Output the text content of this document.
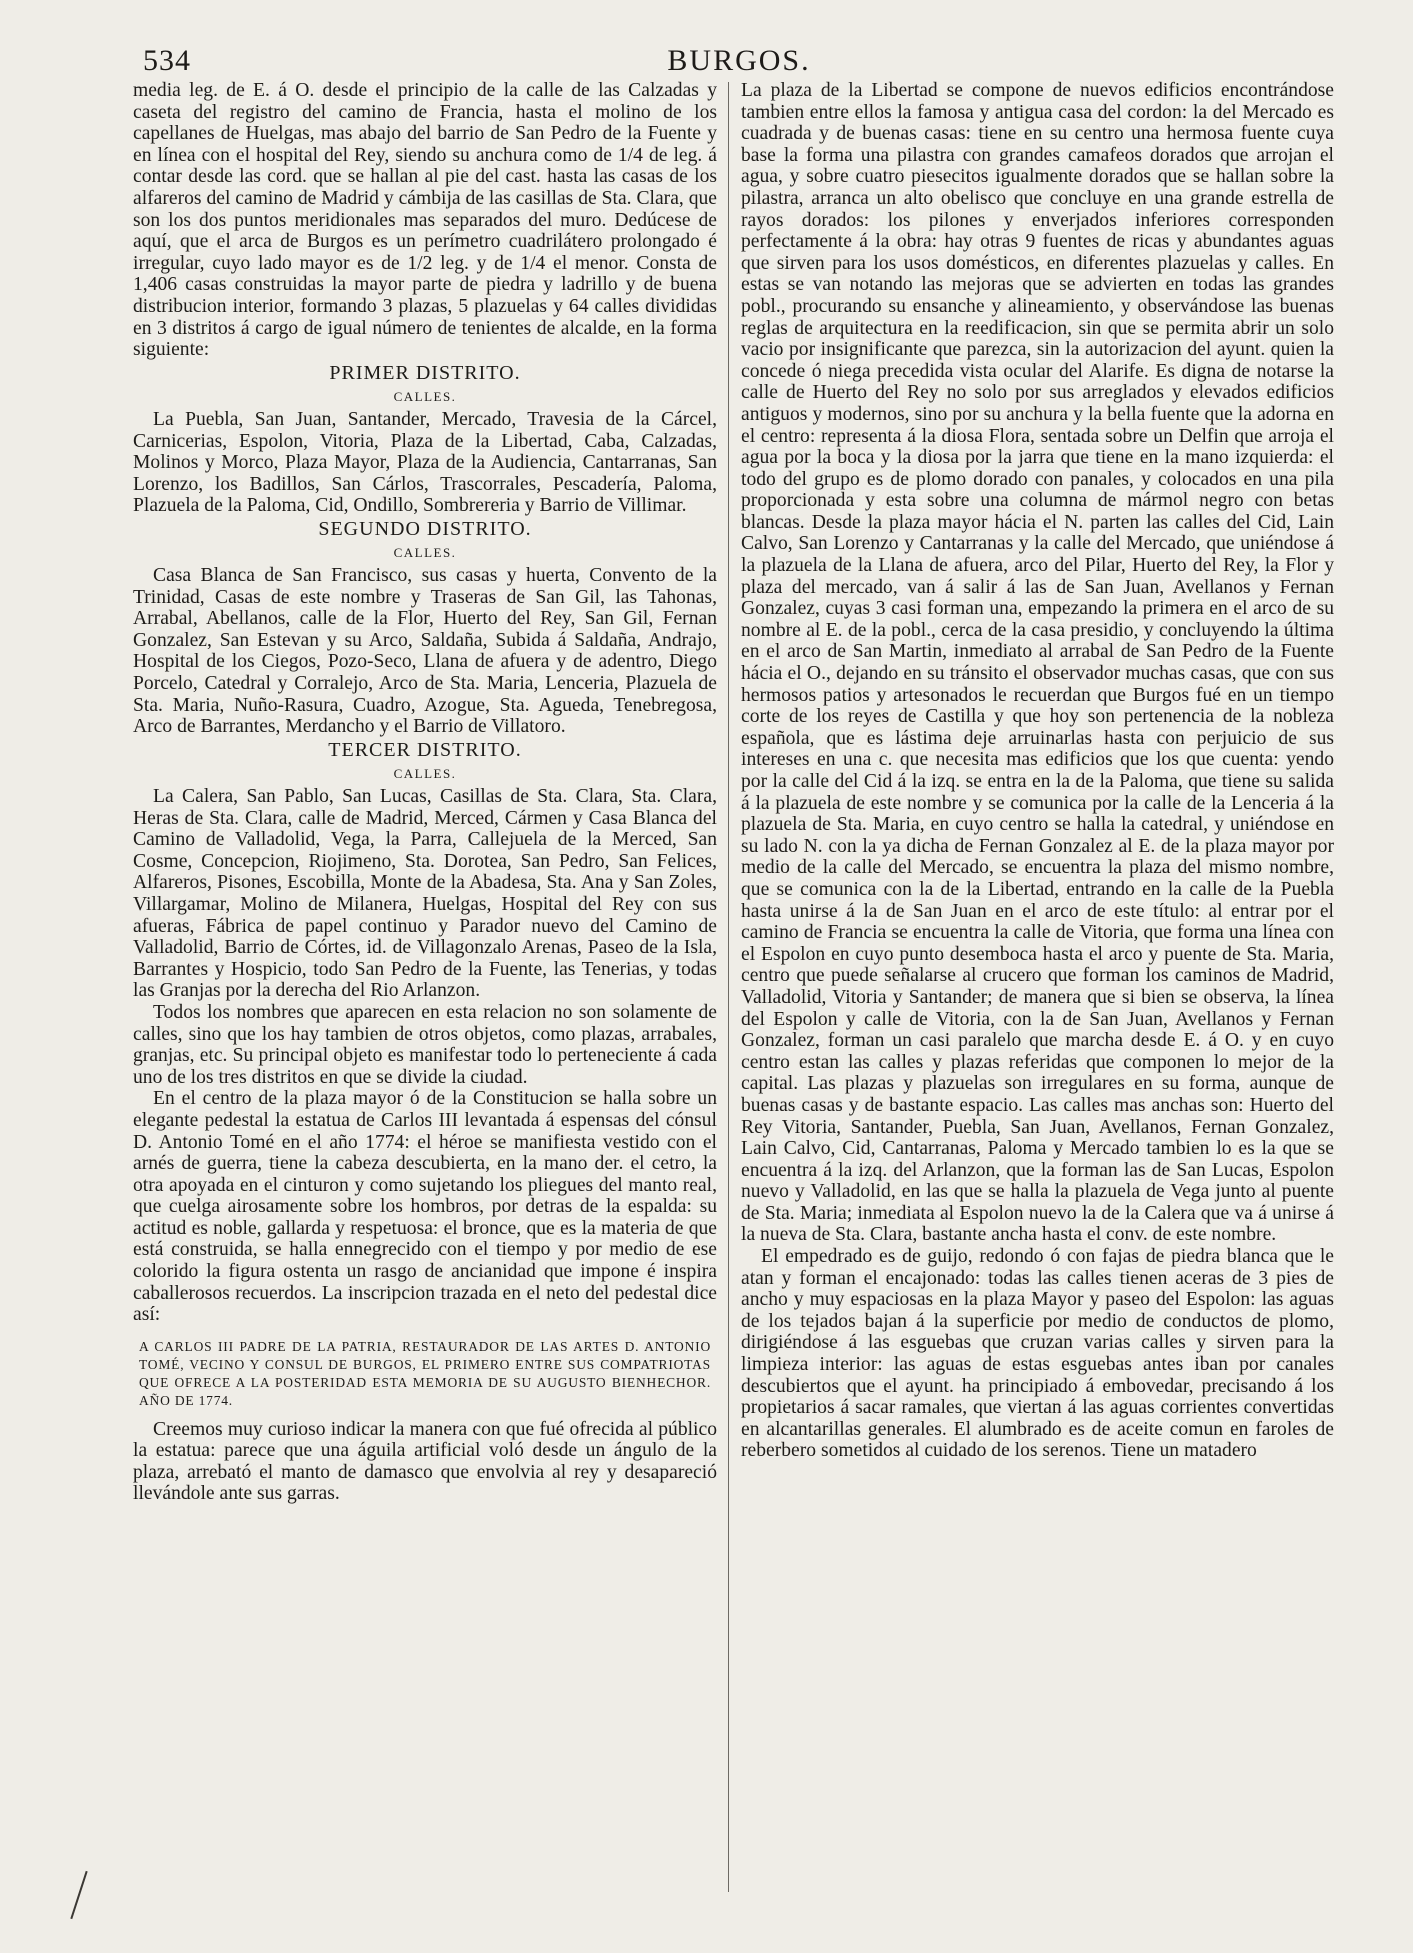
534	BURGOS.

media leg. de E. á O. desde el principio de la calle de las Calzadas y caseta del registro del camino de Francia, hasta el molino de los capellanes de Huelgas, mas abajo del barrio de San Pedro de la Fuente y en línea con el hospital del Rey, siendo su anchura como de 1/4 de leg. á contar desde las cord. que se hallan al pie del cast. hasta las casas de los alfareros del camino de Madrid y cámbija de las casillas de Sta. Clara, que son los dos puntos meridionales mas separados del muro. Dedúcese de aquí, que el arca de Burgos es un perímetro cuadrilátero prolongado é irregular, cuyo lado mayor es de 1/2 leg. y de 1/4 el menor. Consta de 1,406 casas construidas la mayor parte de piedra y ladrillo y de buena distribucion interior, formando 3 plazas, 5 plazuelas y 64 calles divididas en 3 distritos á cargo de igual número de tenientes de alcalde, en la forma siguiente:

PRIMER DISTRITO.
CALLES.

La Puebla, San Juan, Santander, Mercado, Travesia de la Cárcel, Carnicerias, Espolon, Vitoria, Plaza de la Libertad, Caba, Calzadas, Molinos y Morco, Plaza Mayor, Plaza de la Audiencia, Cantarranas, San Lorenzo, los Badillos, San Cárlos, Trascorrales, Pescadería, Paloma, Plazuela de la Paloma, Cid, Ondillo, Sombrereria y Barrio de Villimar.

SEGUNDO DISTRITO.
CALLES.

Casa Blanca de San Francisco, sus casas y huerta, Convento de la Trinidad, Casas de este nombre y Traseras de San Gil, las Tahonas, Arrabal, Abellanos, calle de la Flor, Huerto del Rey, San Gil, Fernan Gonzalez, San Estevan y su Arco, Saldaña, Subida á Saldaña, Andrajo, Hospital de los Ciegos, Pozo-Seco, Llana de afuera y de adentro, Diego Porcelo, Catedral y Corralejo, Arco de Sta. Maria, Lenceria, Plazuela de Sta. Maria, Nuño-Rasura, Cuadro, Azogue, Sta. Agueda, Tenebregosa, Arco de Barrantes, Merdancho y el Barrio de Villatoro.

TERCER DISTRITO.
CALLES.

La Calera, San Pablo, San Lucas, Casillas de Sta. Clara, Sta. Clara, Heras de Sta. Clara, calle de Madrid, Merced, Cármen y Casa Blanca del Camino de Valladolid, Vega, la Parra, Callejuela de la Merced, San Cosme, Concepcion, Riojimeno, Sta. Dorotea, San Pedro, San Felices, Alfareros, Pisones, Escobilla, Monte de la Abadesa, Sta. Ana y San Zoles, Villargamar, Molino de Milanera, Huelgas, Hospital del Rey con sus afueras, Fábrica de papel continuo y Parador nuevo del Camino de Valladolid, Barrio de Córtes, id. de Villagonzalo Arenas, Paseo de la Isla, Barrantes y Hospicio, todo San Pedro de la Fuente, las Tenerias, y todas las Granjas por la derecha del Rio Arlanzon.

Todos los nombres que aparecen en esta relacion no son solamente de calles, sino que los hay tambien de otros objetos, como plazas, arrabales, granjas, etc. Su principal objeto es manifestar todo lo perteneciente á cada uno de los tres distritos en que se divide la ciudad.

En el centro de la plaza mayor ó de la Constitucion se halla sobre un elegante pedestal la estatua de Carlos III levantada á espensas del cónsul D. Antonio Tomé en el año 1774: el héroe se manifiesta vestido con el arnés de guerra, tiene la cabeza descubierta, en la mano der. el cetro, la otra apoyada en el cinturon y como sujetando los pliegues del manto real, que cuelga airosamente sobre los hombros, por detras de la espalda: su actitud es noble, gallarda y respetuosa: el bronce, que es la materia de que está construida, se halla ennegrecido con el tiempo y por medio de ese colorido la figura ostenta un rasgo de ancianidad que impone é inspira caballerosos recuerdos. La inscripcion trazada en el neto del pedestal dice así:

A CARLOS III PADRE DE LA PATRIA, RESTAURADOR DE LAS ARTES D. ANTONIO TOMÉ, VECINO Y CONSUL DE BURGOS, EL PRIMERO ENTRE SUS COMPATRIOTAS QUE OFRECE A LA POSTERIDAD ESTA MEMORIA DE SU AUGUSTO BIENHECHOR. AÑO DE 1774.

Creemos muy curioso indicar la manera con que fué ofrecida al público la estatua: parece que una águila artificial voló desde un ángulo de la plaza, arrebató el manto de damasco que envolvia al rey y desapareció llevándole ante sus garras.

La plaza de la Libertad se compone de nuevos edificios encontrándose tambien entre ellos la famosa y antigua casa del cordon: la del Mercado es cuadrada y de buenas casas: tiene en su centro una hermosa fuente cuya base la forma una pilastra con grandes camafeos dorados que arrojan el agua, y sobre cuatro piesecitos igualmente dorados que se hallan sobre la pilastra, arranca un alto obelisco que concluye en una grande estrella de rayos dorados: los pilones y enverjados inferiores corresponden perfectamente á la obra: hay otras 9 fuentes de ricas y abundantes aguas que sirven para los usos domésticos, en diferentes plazuelas y calles. En estas se van notando las mejoras que se advierten en todas las grandes pobl., procurando su ensanche y alineamiento, y observándose las buenas reglas de arquitectura en la reedificacion, sin que se permita abrir un solo vacio por insignificante que parezca, sin la autorizacion del ayunt. quien la concede ó niega precedida vista ocular del Alarife. Es digna de notarse la calle de Huerto del Rey no solo por sus arreglados y elevados edificios antiguos y modernos, sino por su anchura y la bella fuente que la adorna en el centro: representa á la diosa Flora, sentada sobre un Delfin que arroja el agua por la boca y la diosa por la jarra que tiene en la mano izquierda: el todo del grupo es de plomo dorado con panales, y colocados en una pila proporcionada y esta sobre una columna de mármol negro con betas blancas. Desde la plaza mayor hácia el N. parten las calles del Cid, Lain Calvo, San Lorenzo y Cantarranas y la calle del Mercado, que uniéndose á la plazuela de la Llana de afuera, arco del Pilar, Huerto del Rey, la Flor y plaza del mercado, van á salir á las de San Juan, Avellanos y Fernan Gonzalez, cuyas 3 casi forman una, empezando la primera en el arco de su nombre al E. de la pobl., cerca de la casa presidio, y concluyendo la última en el arco de San Martin, inmediato al arrabal de San Pedro de la Fuente hácia el O., dejando en su tránsito el observador muchas casas, que con sus hermosos patios y artesonados le recuerdan que Burgos fué en un tiempo corte de los reyes de Castilla y que hoy son pertenencia de la nobleza española, que es lástima deje arruinarlas hasta con perjuicio de sus intereses en una c. que necesita mas edificios que los que cuenta: yendo por la calle del Cid á la izq. se entra en la de la Paloma, que tiene su salida á la plazuela de este nombre y se comunica por la calle de la Lenceria á la plazuela de Sta. Maria, en cuyo centro se halla la catedral, y uniéndose en su lado N. con la ya dicha de Fernan Gonzalez al E. de la plaza mayor por medio de la calle del Mercado, se encuentra la plaza del mismo nombre, que se comunica con la de la Libertad, entrando en la calle de la Puebla hasta unirse á la de San Juan en el arco de este título: al entrar por el camino de Francia se encuentra la calle de Vitoria, que forma una línea con el Espolon en cuyo punto desemboca hasta el arco y puente de Sta. Maria, centro que puede señalarse al crucero que forman los caminos de Madrid, Valladolid, Vitoria y Santander; de manera que si bien se observa, la línea del Espolon y calle de Vitoria, con la de San Juan, Avellanos y Fernan Gonzalez, forman un casi paralelo que marcha desde E. á O. y en cuyo centro estan las calles y plazas referidas que componen lo mejor de la capital. Las plazas y plazuelas son irregulares en su forma, aunque de buenas casas y de bastante espacio. Las calles mas anchas son: Huerto del Rey Vitoria, Santander, Puebla, San Juan, Avellanos, Fernan Gonzalez, Lain Calvo, Cid, Cantarranas, Paloma y Mercado tambien lo es la que se encuentra á la izq. del Arlanzon, que la forman las de San Lucas, Espolon nuevo y Valladolid, en las que se halla la plazuela de Vega junto al puente de Sta. Maria; inmediata al Espolon nuevo la de la Calera que va á unirse á la nueva de Sta. Clara, bastante ancha hasta el conv. de este nombre.

El empedrado es de guijo, redondo ó con fajas de piedra blanca que le atan y forman el encajonado: todas las calles tienen aceras de 3 pies de ancho y muy espaciosas en la plaza Mayor y paseo del Espolon: las aguas de los tejados bajan á la superficie por medio de conductos de plomo, dirigiéndose á las esguebas que cruzan varias calles y sirven para la limpieza interior: las aguas de estas esguebas antes iban por canales descubiertos que el ayunt. ha principiado á embovedar, precisando á los propietarios á sacar ramales, que viertan á las aguas corrientes convertidas en alcantarillas generales. El alumbrado es de aceite comun en faroles de reberbero sometidos al cuidado de los serenos. Tiene un matadero
